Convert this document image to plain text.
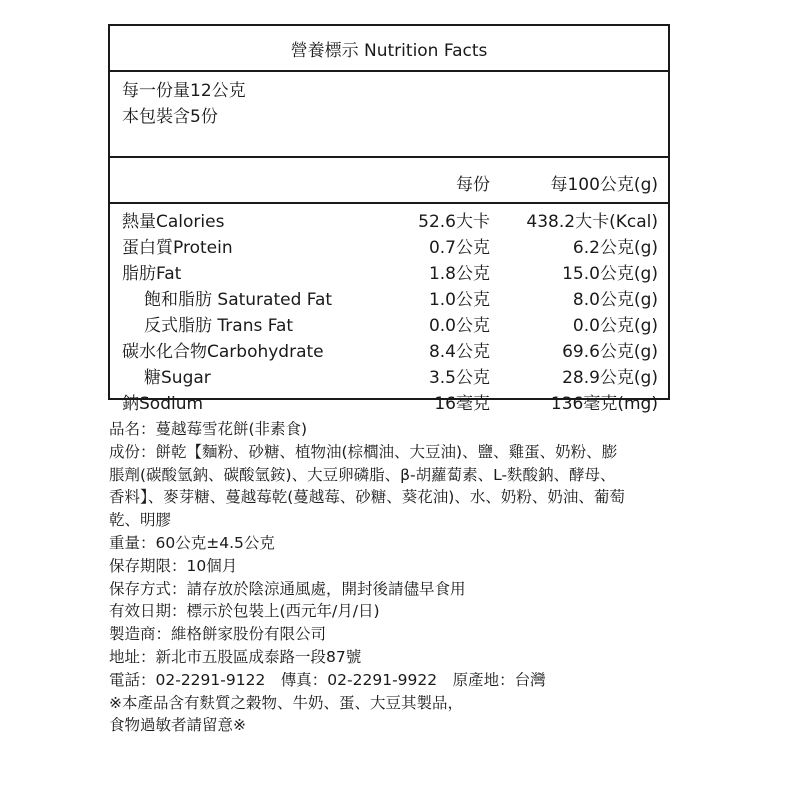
營養標示 Nutrition Facts
每一份量12公克
本包裝含5份
每份	每100公克(g)
熱量Calories	52.6大卡 438.2大卡(Kcal)
蛋白質Protein	0.7公克	6.2公克(g)
脂肪Fat	1.8公克	15.0公克(g)
飽和脂肪 Saturated Fat	1.0公克	8.0公克(g)
反式脂肪 Trans Fat	0.0公克	0.0公克(g)
碳水化合物Carbohydrate	8.4公克	69.6公克(g)
糖Sugar	3.5公克	28.9公克(g)
鈉Sodium	16毫克	136毫克(mg)
品名：蔓越莓雪花餅(非素食)
成份：餅乾【麵粉、砂糖、植物油(棕櫚油、大豆油)、鹽、雞蛋、奶粉、膨
脹劑(碳酸氫鈉、碳酸氫銨)、大豆卵磷脂、β-胡蘿蔔素、L-麩酸鈉、酵母、
香料】、麥芽糖、蔓越莓乾(蔓越莓、砂糖、葵花油)、水、奶粉、奶油、葡萄
乾、明膠
重量：60公克±4.5公克
保存期限：10個月
保存方式：請存放於陰涼通風處，開封後請儘早食用
有效日期：標示於包裝上(西元年/月/日)
製造商：維格餅家股份有限公司
地址：新北市五股區成泰路一段87號
電話：02-2291-9122　傳真：02-2291-9922　原產地：台灣
※本產品含有麩質之穀物、牛奶、蛋、大豆其製品，
食物過敏者請留意※
